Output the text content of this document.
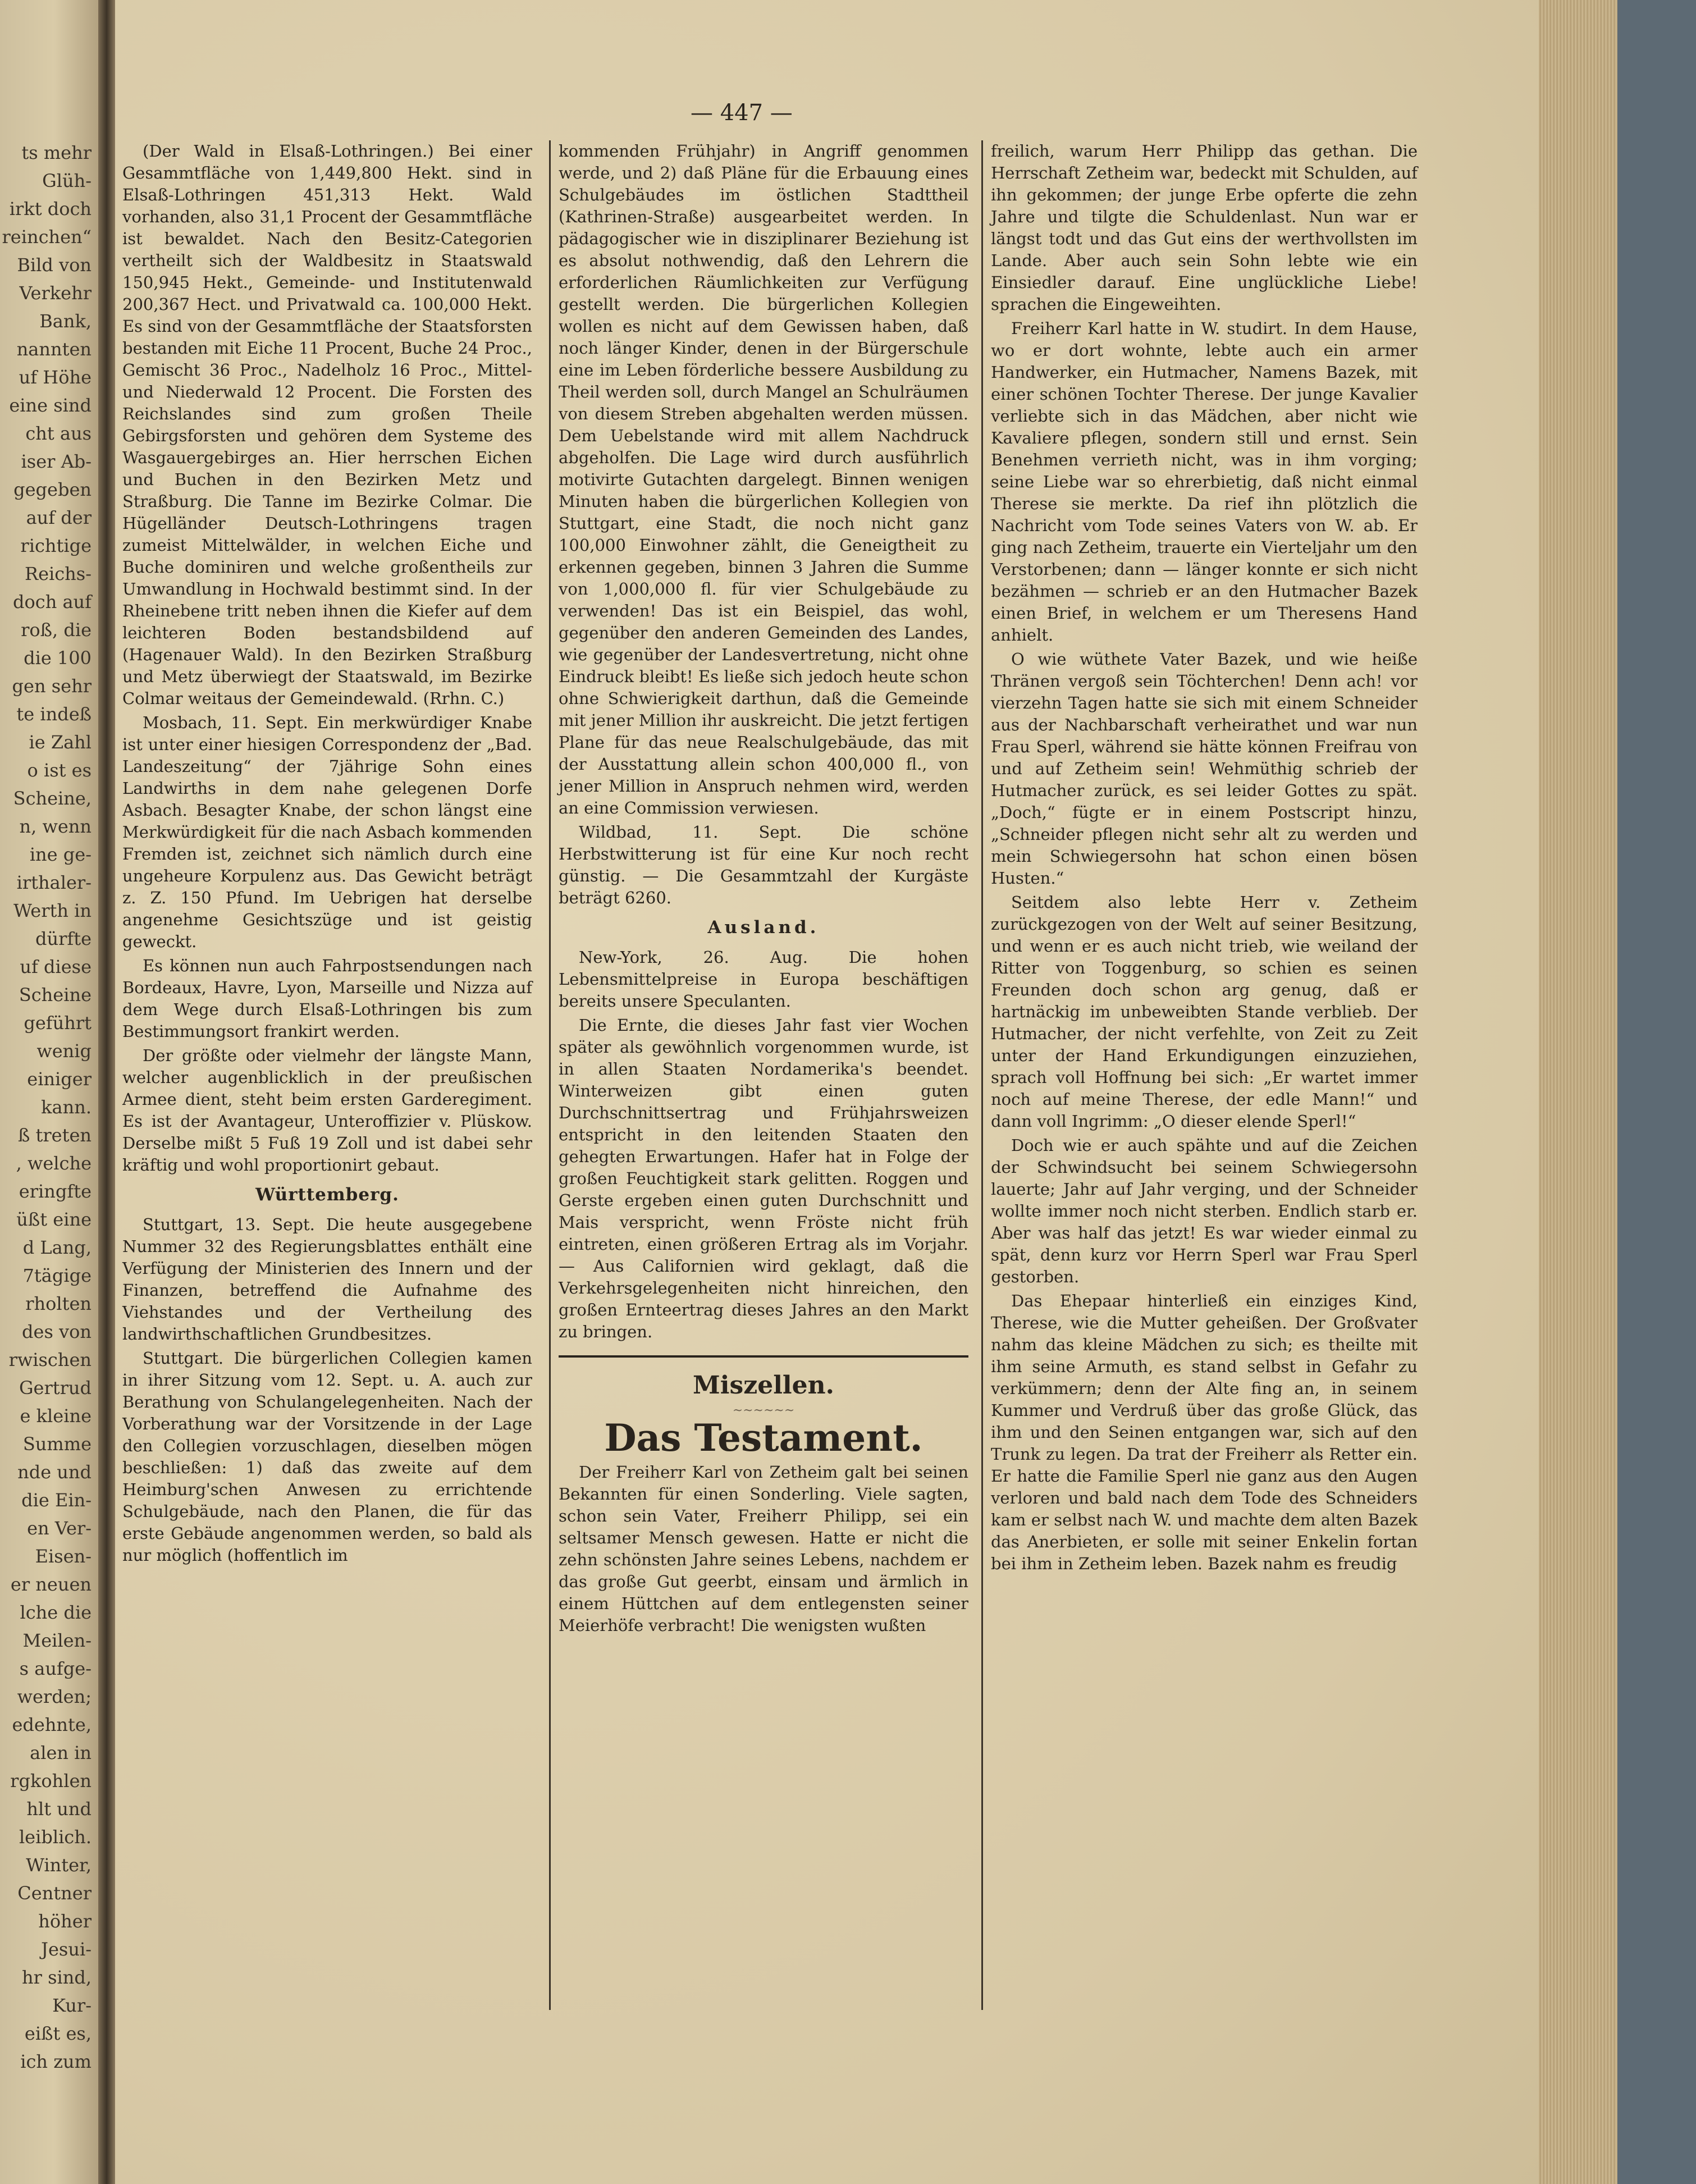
ts mehr
Glüh-
irkt doch
reinchen“
Bild von
Verkehr
Bank,
nannten
uf Höhe
eine sind
cht aus
iser Ab-
gegeben
auf der
richtige
Reichs-
doch auf
roß, die
die 100
gen sehr
te indeß
ie Zahl
o ist es
Scheine,
n, wenn
ine ge-
irthaler-
Werth in
dürfte
uf diese
Scheine
geführt
wenig
einiger
kann.
ß treten
, welche
eringfte
üßt eine
d Lang,
7tägige
rholten
des von
rwischen
Gertrud
e kleine
Summe
nde und
die Ein-
en Ver-
Eisen-
er neuen
lche die
Meilen-
s aufge-
werden;
edehnte,
alen in
rgkohlen
hlt und
leiblich.
Winter,
Centner
höher
Jesui-
hr sind,
Kur-
eißt es,
ich zum
— 447 —

(Der Wald in Elsaß-Lothringen.) Bei einer Gesammtfläche von 1,449,800 Hekt. sind in Elsaß-Lothringen 451,313 Hekt. Wald vorhanden, also 31,1 Procent der Gesammtfläche ist bewaldet. Nach den Besitz-Categorien vertheilt sich der Waldbesitz in Staatswald 150,945 Hekt., Gemeinde- und Institutenwald 200,367 Hect. und Privatwald ca. 100,000 Hekt. Es sind von der Gesammtfläche der Staatsforsten bestanden mit Eiche 11 Procent, Buche 24 Proc., Gemischt 36 Proc., Nadelholz 16 Proc., Mittel- und Niederwald 12 Procent. Die Forsten des Reichslandes sind zum großen Theile Gebirgsforsten und gehören dem Systeme des Wasgauergebirges an. Hier herrschen Eichen und Buchen in den Bezirken Metz und Straßburg. Die Tanne im Bezirke Colmar. Die Hügelländer Deutsch-Lothringens tragen zumeist Mittelwälder, in welchen Eiche und Buche dominiren und welche großentheils zur Umwandlung in Hochwald bestimmt sind. In der Rheinebene tritt neben ihnen die Kiefer auf dem leichteren Boden bestandsbildend auf (Hagenauer Wald). In den Bezirken Straßburg und Metz überwiegt der Staatswald, im Bezirke Colmar weitaus der Gemeindewald. (Rrhn. C.)

Mosbach, 11. Sept. Ein merkwürdiger Knabe ist unter einer hiesigen Correspondenz der „Bad. Landeszeitung“ der 7jährige Sohn eines Landwirths in dem nahe gelegenen Dorfe Asbach. Besagter Knabe, der schon längst eine Merkwürdigkeit für die nach Asbach kommenden Fremden ist, zeichnet sich nämlich durch eine ungeheure Korpulenz aus. Das Gewicht beträgt z. Z. 150 Pfund. Im Uebrigen hat derselbe angenehme Gesichtszüge und ist geistig geweckt.

Es können nun auch Fahrpostsendungen nach Bordeaux, Havre, Lyon, Marseille und Nizza auf dem Wege durch Elsaß-Lothringen bis zum Bestimmungsort frankirt werden.

Der größte oder vielmehr der längste Mann, welcher augenblicklich in der preußischen Armee dient, steht beim ersten Garderegiment. Es ist der Avantageur, Unteroffizier v. Plüskow. Derselbe mißt 5 Fuß 19 Zoll und ist dabei sehr kräftig und wohl proportionirt gebaut.

Württemberg.

Stuttgart, 13. Sept. Die heute ausgegebene Nummer 32 des Regierungsblattes enthält eine Verfügung der Ministerien des Innern und der Finanzen, betreffend die Aufnahme des Viehstandes und der Vertheilung des landwirthschaftlichen Grundbesitzes.

Stuttgart. Die bürgerlichen Collegien kamen in ihrer Sitzung vom 12. Sept. u. A. auch zur Berathung von Schulangelegenheiten. Nach der Vorberathung war der Vorsitzende in der Lage den Collegien vorzuschlagen, dieselben mögen beschließen: 1) daß das zweite auf dem Heimburg'schen Anwesen zu errichtende Schulgebäude, nach den Planen, die für das erste Gebäude angenommen werden, so bald als nur möglich (hoffentlich im

kommenden Frühjahr) in Angriff genommen werde, und 2) daß Pläne für die Erbauung eines Schulgebäudes im östlichen Stadttheil (Kathrinen-Straße) ausgearbeitet werden. In pädagogischer wie in disziplinarer Beziehung ist es absolut nothwendig, daß den Lehrern die erforderlichen Räumlichkeiten zur Verfügung gestellt werden. Die bürgerlichen Kollegien wollen es nicht auf dem Gewissen haben, daß noch länger Kinder, denen in der Bürgerschule eine im Leben förderliche bessere Ausbildung zu Theil werden soll, durch Mangel an Schulräumen von diesem Streben abgehalten werden müssen. Dem Uebelstande wird mit allem Nachdruck abgeholfen. Die Lage wird durch ausführlich motivirte Gutachten dargelegt. Binnen wenigen Minuten haben die bürgerlichen Kollegien von Stuttgart, eine Stadt, die noch nicht ganz 100,000 Einwohner zählt, die Geneigtheit zu erkennen gegeben, binnen 3 Jahren die Summe von 1,000,000 fl. für vier Schulgebäude zu verwenden! Das ist ein Beispiel, das wohl, gegenüber den anderen Gemeinden des Landes, wie gegenüber der Landesvertretung, nicht ohne Eindruck bleibt! Es ließe sich jedoch heute schon ohne Schwierigkeit darthun, daß die Gemeinde mit jener Million ihr auskreicht. Die jetzt fertigen Plane für das neue Realschulgebäude, das mit der Ausstattung allein schon 400,000 fl., von jener Million in Anspruch nehmen wird, werden an eine Commission verwiesen.

Wildbad, 11. Sept. Die schöne Herbstwitterung ist für eine Kur noch recht günstig. — Die Gesammtzahl der Kurgäste beträgt 6260.

Ausland.

New-York, 26. Aug. Die hohen Lebensmittelpreise in Europa beschäftigen bereits unsere Speculanten.

Die Ernte, die dieses Jahr fast vier Wochen später als gewöhnlich vorgenommen wurde, ist in allen Staaten Nordamerika's beendet. Winterweizen gibt einen guten Durchschnittsertrag und Frühjahrsweizen entspricht in den leitenden Staaten den gehegten Erwartungen. Hafer hat in Folge der großen Feuchtigkeit stark gelitten. Roggen und Gerste ergeben einen guten Durchschnitt und Mais verspricht, wenn Fröste nicht früh eintreten, einen größeren Ertrag als im Vorjahr. — Aus Californien wird geklagt, daß die Verkehrsgelegenheiten nicht hinreichen, den großen Ernteertrag dieses Jahres an den Markt zu bringen.

Miszellen.
~~~~~~
Das Testament.

Der Freiherr Karl von Zetheim galt bei seinen Bekannten für einen Sonderling. Viele sagten, schon sein Vater, Freiherr Philipp, sei ein seltsamer Mensch gewesen. Hatte er nicht die zehn schönsten Jahre seines Lebens, nachdem er das große Gut geerbt, einsam und ärmlich in einem Hüttchen auf dem entlegensten seiner Meierhöfe verbracht! Die wenigsten wußten

freilich, warum Herr Philipp das gethan. Die Herrschaft Zetheim war, bedeckt mit Schulden, auf ihn gekommen; der junge Erbe opferte die zehn Jahre und tilgte die Schuldenlast. Nun war er längst todt und das Gut eins der werthvollsten im Lande. Aber auch sein Sohn lebte wie ein Einsiedler darauf. Eine unglückliche Liebe! sprachen die Eingeweihten.

Freiherr Karl hatte in W. studirt. In dem Hause, wo er dort wohnte, lebte auch ein armer Handwerker, ein Hutmacher, Namens Bazek, mit einer schönen Tochter Therese. Der junge Kavalier verliebte sich in das Mädchen, aber nicht wie Kavaliere pflegen, sondern still und ernst. Sein Benehmen verrieth nicht, was in ihm vorging; seine Liebe war so ehrerbietig, daß nicht einmal Therese sie merkte. Da rief ihn plötzlich die Nachricht vom Tode seines Vaters von W. ab. Er ging nach Zetheim, trauerte ein Vierteljahr um den Verstorbenen; dann — länger konnte er sich nicht bezähmen — schrieb er an den Hutmacher Bazek einen Brief, in welchem er um Theresens Hand anhielt.

O wie wüthete Vater Bazek, und wie heiße Thränen vergoß sein Töchterchen! Denn ach! vor vierzehn Tagen hatte sie sich mit einem Schneider aus der Nachbarschaft verheirathet und war nun Frau Sperl, während sie hätte können Freifrau von und auf Zetheim sein! Wehmüthig schrieb der Hutmacher zurück, es sei leider Gottes zu spät. „Doch,“ fügte er in einem Postscript hinzu, „Schneider pflegen nicht sehr alt zu werden und mein Schwiegersohn hat schon einen bösen Husten.“

Seitdem also lebte Herr v. Zetheim zurückgezogen von der Welt auf seiner Besitzung, und wenn er es auch nicht trieb, wie weiland der Ritter von Toggenburg, so schien es seinen Freunden doch schon arg genug, daß er hartnäckig im unbeweibten Stande verblieb. Der Hutmacher, der nicht verfehlte, von Zeit zu Zeit unter der Hand Erkundigungen einzuziehen, sprach voll Hoffnung bei sich: „Er wartet immer noch auf meine Therese, der edle Mann!“ und dann voll Ingrimm: „O dieser elende Sperl!“

Doch wie er auch spähte und auf die Zeichen der Schwindsucht bei seinem Schwiegersohn lauerte; Jahr auf Jahr verging, und der Schneider wollte immer noch nicht sterben. Endlich starb er. Aber was half das jetzt! Es war wieder einmal zu spät, denn kurz vor Herrn Sperl war Frau Sperl gestorben.

Das Ehepaar hinterließ ein einziges Kind, Therese, wie die Mutter geheißen. Der Großvater nahm das kleine Mädchen zu sich; es theilte mit ihm seine Armuth, es stand selbst in Gefahr zu verkümmern; denn der Alte fing an, in seinem Kummer und Verdruß über das große Glück, das ihm und den Seinen entgangen war, sich auf den Trunk zu legen. Da trat der Freiherr als Retter ein. Er hatte die Familie Sperl nie ganz aus den Augen verloren und bald nach dem Tode des Schneiders kam er selbst nach W. und machte dem alten Bazek das Anerbieten, er solle mit seiner Enkelin fortan bei ihm in Zetheim leben. Bazek nahm es freudig
